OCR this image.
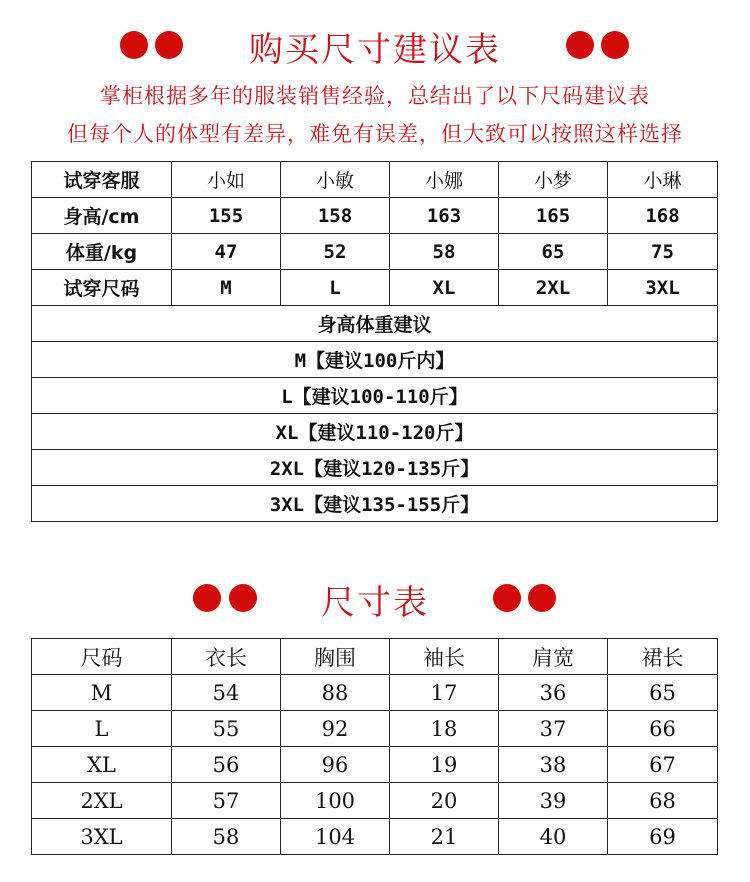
购买尺寸建议表
掌柜根据多年的服装销售经验，总结出了以下尺码建议表
但每个人的体型有差异，难免有误差，但大致可以按照这样选择
试穿客服	小如	小敏	小娜	小梦	小琳
身高/cm	155	158	163	165	168
体重/kg	47	52	58	65	75
试穿尺码	M	L	XL	2XL	3XL
身高体重建议					
M【建议100斤内】					
L【建议100-110斤】					
XL【建议110-120斤】					
2XL【建议120-135斤】					
3XL【建议135-155斤】					
尺寸表
尺码	衣长	胸围	袖长	肩宽	裙长
M	54	88	17	36	65
L	55	92	18	37	66
XL	56	96	19	38	67
2XL	57	100	20	39	68
3XL	58	104	21	40	69
